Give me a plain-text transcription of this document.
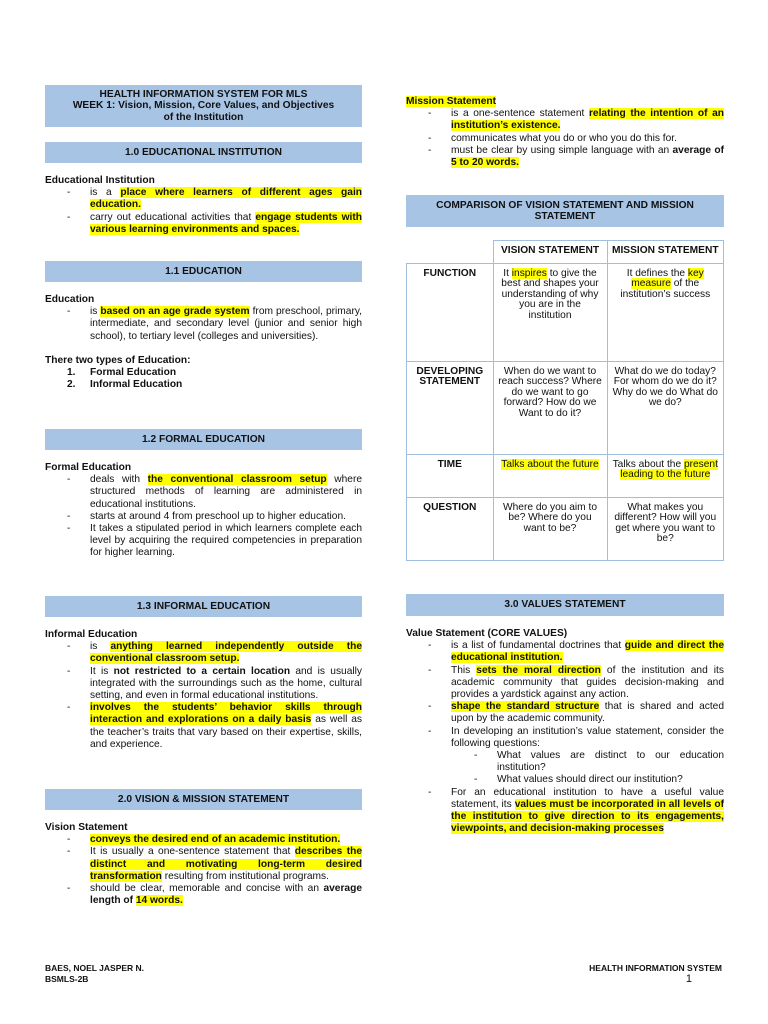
HEALTH INFORMATION SYSTEM FOR MLS
WEEK 1: Vision, Mission, Core Values, and Objectives
of the Institution
1.0 EDUCATIONAL INSTITUTION
Educational Institution
- is a place where learners of different ages gain education.
- carry out educational activities that engage students with various learning environments and spaces.
1.1 EDUCATION
Education
- is based on an age grade system from preschool, primary, intermediate, and secondary level (junior and senior high school), to tertiary level (colleges and universities).
There two types of Education:
1. Formal Education
2. Informal Education
1.2 FORMAL EDUCATION
Formal Education
- deals with the conventional classroom setup where structured methods of learning are administered in educational institutions.
- starts at around 4 from preschool up to higher education.
- It takes a stipulated period in which learners complete each level by acquiring the required competencies in preparation for higher learning.
1.3 INFORMAL EDUCATION
Informal Education
- is anything learned independently outside the conventional classroom setup.
- It is not restricted to a certain location and is usually integrated with the surroundings such as the home, cultural setting, and even in formal educational institutions.
- involves the students’ behavior skills through interaction and explorations on a daily basis as well as the teacher’s traits that vary based on their expertise, skills, and experience.
2.0 VISION & MISSION STATEMENT
Vision Statement
- conveys the desired end of an academic institution.
- It is usually a one-sentence statement that describes the distinct and motivating long-term desired transformation resulting from institutional programs.
- should be clear, memorable and concise with an average length of 14 words.
Mission Statement
- is a one-sentence statement relating the intention of an institution’s existence.
- communicates what you do or who you do this for.
- must be clear by using simple language with an average of 5 to 20 words.
COMPARISON OF VISION STATEMENT AND MISSION STATEMENT
	VISION STATEMENT	MISSION STATEMENT
FUNCTION	It inspires to give the best and shapes your understanding of why you are in the institution	It defines the key measure of the institution’s success
DEVELOPING STATEMENT	When do we want to reach success? Where do we want to go forward? How do we Want to do it?	What do we do today? For whom do we do it? Why do we do What do we do?
TIME	Talks about the future	Talks about the present leading to the future
QUESTION	Where do you aim to be? Where do you want to be?	What makes you different? How will you get where you want to be?
3.0 VALUES STATEMENT
Value Statement (CORE VALUES)
- is a list of fundamental doctrines that guide and direct the educational institution.
- This sets the moral direction of the institution and its academic community that guides decision-making and provides a yardstick against any action.
- shape the standard structure that is shared and acted upon by the academic community.
- In developing an institution’s value statement, consider the following questions:
- What values are distinct to our education institution?
- What values should direct our institution?
- For an educational institution to have a useful value statement, its values must be incorporated in all levels of the institution to give direction to its engagements, viewpoints, and decision-making processes
BAES, NOEL JASPER N.
BSMLS-2B
HEALTH INFORMATION SYSTEM
1
